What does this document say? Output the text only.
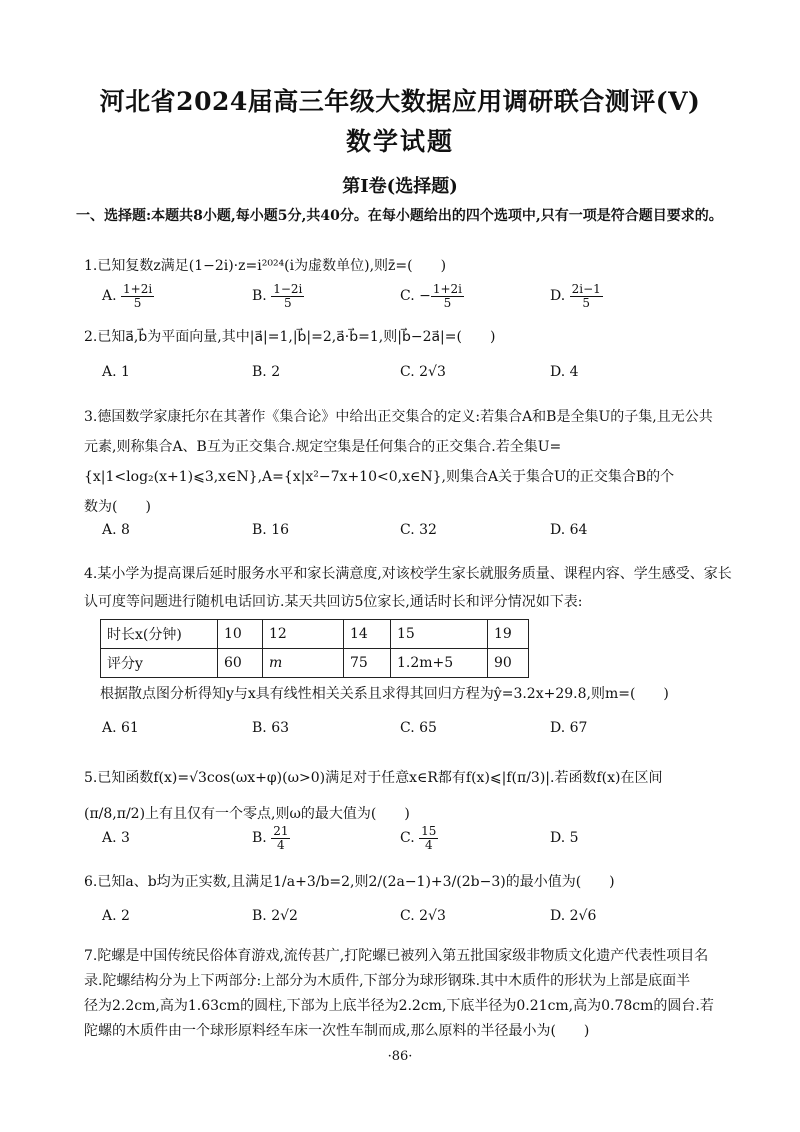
河北省2024届高三年级大数据应用调研联合测评(V)
数学试题
第I卷(选择题)
一、选择题:本题共8小题,每小题5分,共40分。在每小题给出的四个选项中,只有一项是符合题目要求的。
1.已知复数z满足(1−2i)·z=i²⁰²⁴(i为虚数单位),则z̄=(　　)
A. $\frac{1+2i}{5}$	B. $\frac{1-2i}{5}$	C. − $\frac{1+2i}{5}$	D. $\frac{2i-1}{5}$
2.已知a⃗,b⃗为平面向量,其中|a⃗|=1,|b⃗|=2,a⃗·b⃗=1,则|b⃗−2a⃗|=(　　)
A. 1	B. 2	C. 2√3	D. 4
3.德国数学家康托尔在其著作《集合论》中给出正交集合的定义:若集合A和B是全集U的子集,且无公共
元素,则称集合A、B互为正交集合.规定空集是任何集合的正交集合.若全集U=
{x|1<log₂(x+1)⩽3,x∈N},A={x|x²−7x+10<0,x∈N},则集合A关于集合U的正交集合B的个
数为(　　)
A. 8	B. 16	C. 32	D. 64
4.某小学为提高课后延时服务水平和家长满意度,对该校学生家长就服务质量、课程内容、学生感受、家长
认可度等问题进行随机电话回访.某天共回访5位家长,通话时长和评分情况如下表:
时长x(分钟)	10	12	14	15	19
评分y	60	m	75	1.2m+5	90
根据散点图分析得知y与x具有线性相关关系且求得其回归方程为ŷ=3.2x+29.8,则m=(　　)
A. 61	B. 63	C. 65	D. 67
5.已知函数f(x)=√3cos(ωx+φ)(ω>0)满足对于任意x∈R都有f(x)⩽|f(π/3)|.若函数f(x)在区间
(π/8,π/2)上有且仅有一个零点,则ω的最大值为(　　)
A. 3	B. $\frac{21}{4}$	C. $\frac{15}{4}$	D. 5
6.已知a、b均为正实数,且满足1/a+3/b=2,则2/(2a−1)+3/(2b−3)的最小值为(　　)
A. 2	B. 2√2	C. 2√3	D. 2√6
7.陀螺是中国传统民俗体育游戏,流传甚广,打陀螺已被列入第五批国家级非物质文化遗产代表性项目名
录.陀螺结构分为上下两部分:上部分为木质件,下部分为球形钢珠.其中木质件的形状为上部是底面半
径为2.2cm,高为1.63cm的圆柱,下部为上底半径为2.2cm,下底半径为0.21cm,高为0.78cm的圆台.若
陀螺的木质件由一个球形原料经车床一次性车制而成,那么原料的半径最小为(　　)
·86·
